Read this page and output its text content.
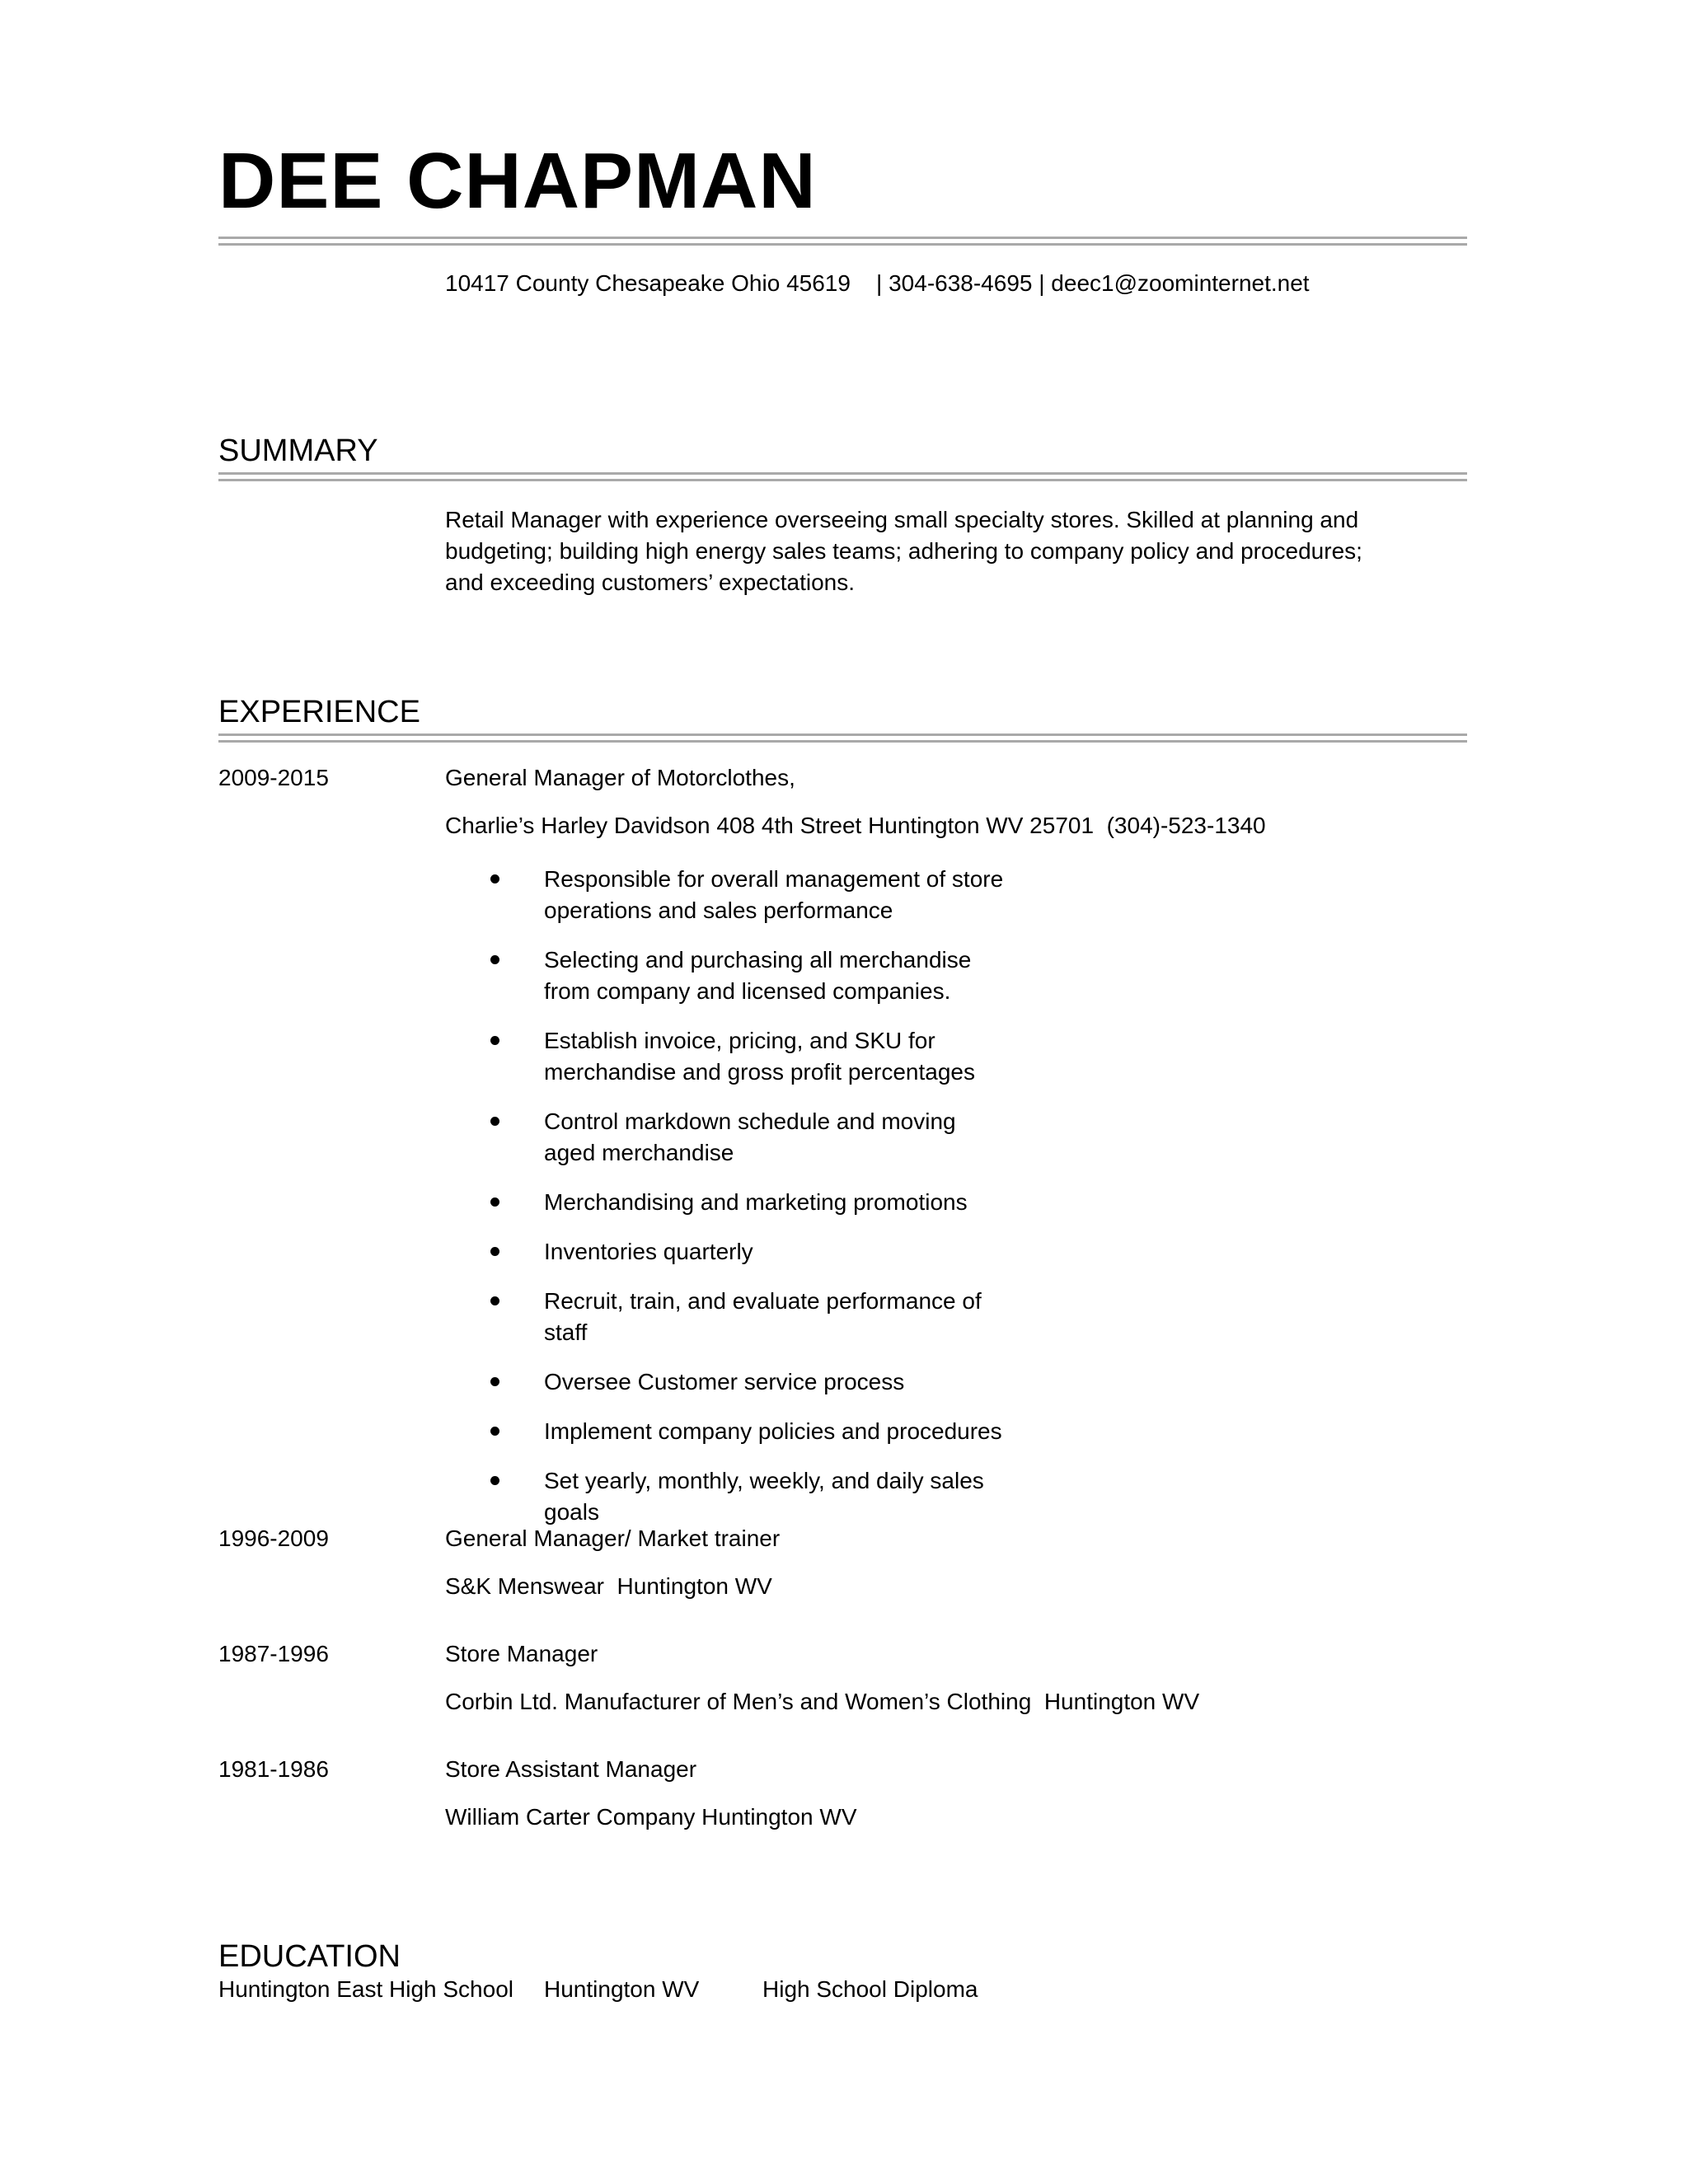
DEE CHAPMAN
10417 County Chesapeake Ohio 45619    | 304-638-4695 | deec1@zoominternet.net
SUMMARY
Retail Manager with experience overseeing small specialty stores. Skilled at planning and budgeting; building high energy sales teams; adhering to company policy and procedures; and exceeding customers’ expectations.
EXPERIENCE
2009-2015	General Manager of Motorclothes,
Charlie’s Harley Davidson 408 4th Street Huntington WV 25701  (304)-523-1340
Responsible for overall management of store operations and sales performance
Selecting and purchasing all merchandise from company and licensed companies.
Establish invoice, pricing, and SKU for merchandise and gross profit percentages
Control markdown schedule and moving aged merchandise
Merchandising and marketing promotions
Inventories quarterly
Recruit, train, and evaluate performance of staff
Oversee Customer service process
Implement company policies and procedures
Set yearly, monthly, weekly, and daily sales goals
1996-2009	General Manager/ Market trainer
S&K Menswear  Huntington WV
1987-1996	Store Manager
Corbin Ltd. Manufacturer of Men’s and Women’s Clothing  Huntington WV
1981-1986	Store Assistant Manager
William Carter Company Huntington WV
EDUCATION
Huntington East High School Huntington WV	High School Diploma
